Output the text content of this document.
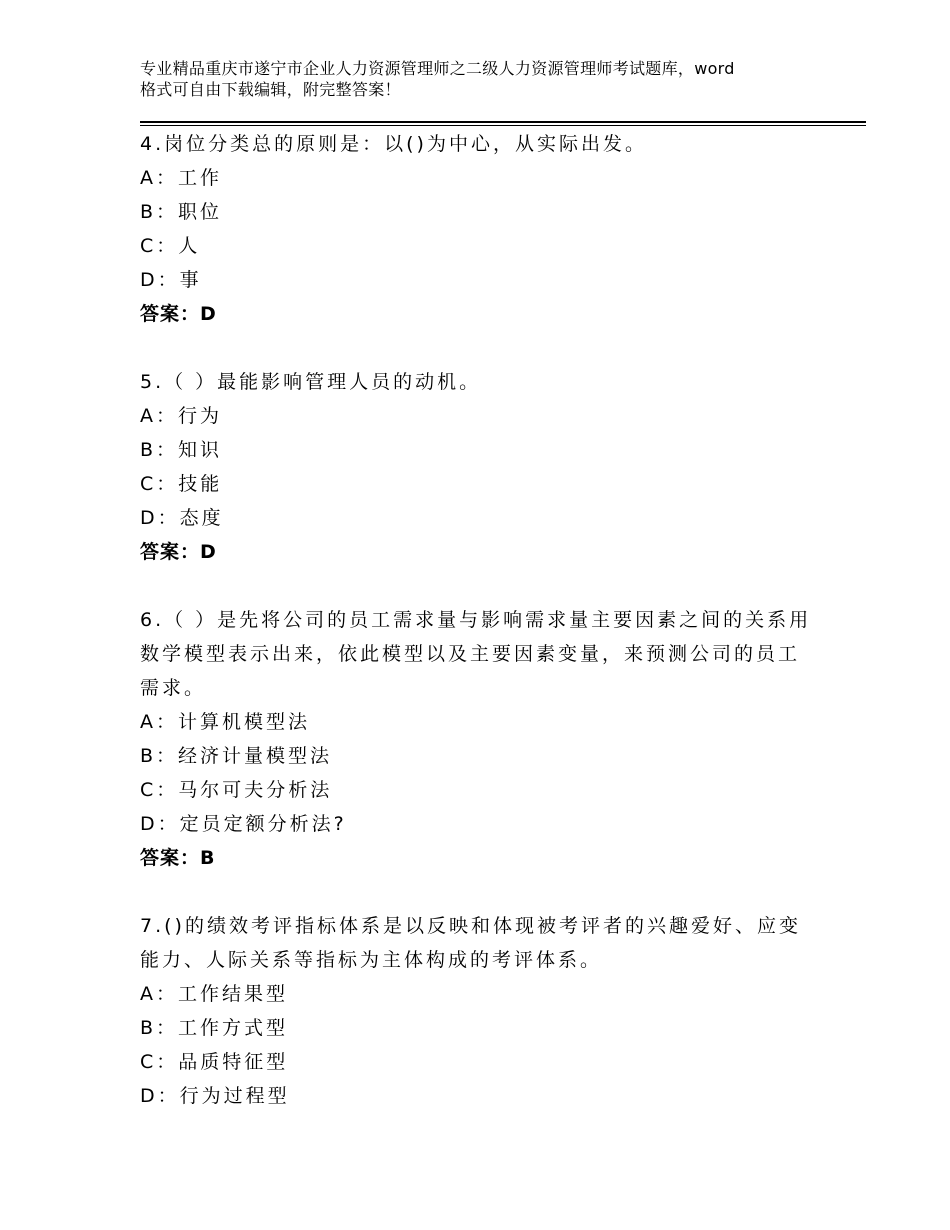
专业精品重庆市遂宁市企业人力资源管理师之二级人力资源管理师考试题库，word
格式可自由下载编辑，附完整答案！
4.岗位分类总的原则是：以()为中心，从实际出发。
A：工作
B：职位
C：人
D：事
答案：D
5.（ ）最能影响管理人员的动机。
A：行为
B：知识
C：技能
D：态度
答案：D
6.（ ）是先将公司的员工需求量与影响需求量主要因素之间的关系用
数学模型表示出来，依此模型以及主要因素变量，来预测公司的员工
需求。
A：计算机模型法
B：经济计量模型法
C：马尔可夫分析法
D：定员定额分析法?
答案：B
7.()的绩效考评指标体系是以反映和体现被考评者的兴趣爱好、应变
能力、人际关系等指标为主体构成的考评体系。
A：工作结果型
B：工作方式型
C：品质特征型
D：行为过程型
